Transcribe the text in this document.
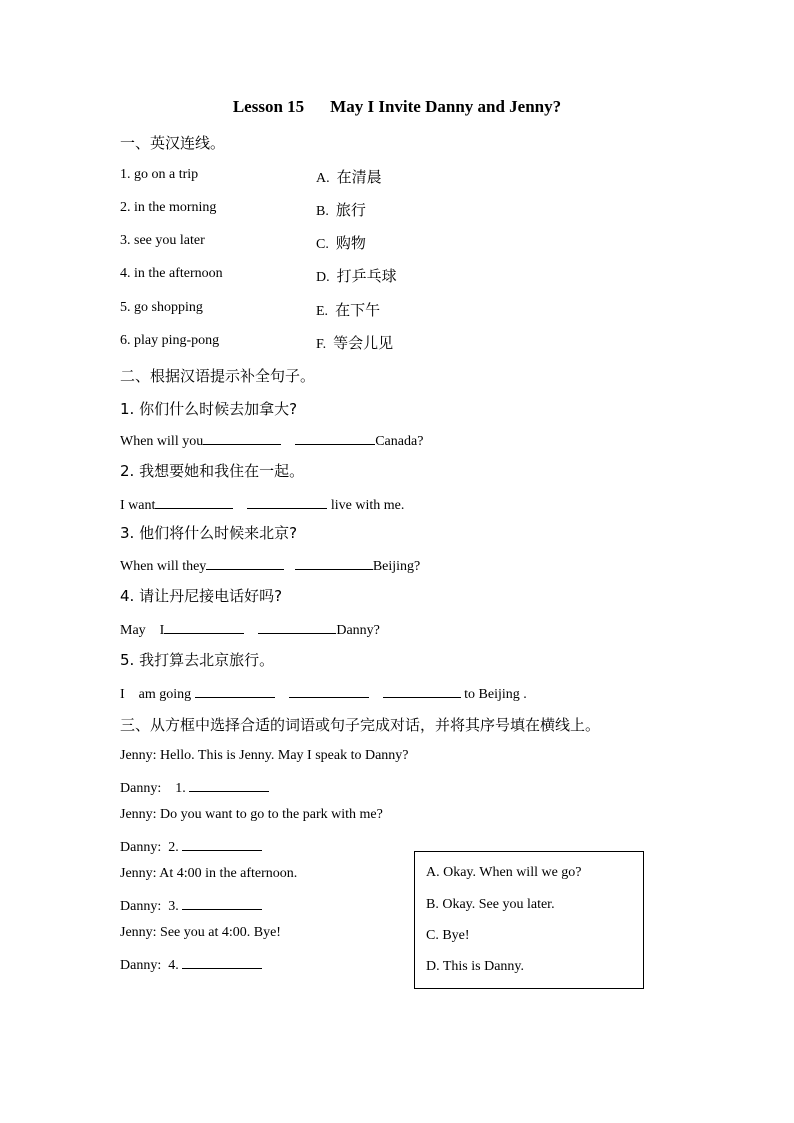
Lesson 15 May I Invite Danny and Jenny?
一、英汉连线。
1. go on a trip
2. in the morning
3. see you later
4. in the afternoon
5. go shopping
6. play ping-pong
A. 在清晨
B. 旅行
C. 购物
D. 打乒乓球
E. 在下午
F. 等会儿见
二、根据汉语提示补全句子。
1. 你们什么时候去加拿大?
When will you	Canada?
2. 我想要她和我住在一起。
I want	live with me.
3. 他们将什么时候来北京?
When will they	Beijing?
4. 请让丹尼接电话好吗?
May    I	Danny?
5. 我打算去北京旅行。
I    am going	to Beijing .
三、从方框中选择合适的词语或句子完成对话，并将其序号填在横线上。
Jenny: Hello. This is Jenny. May I speak to Danny?
Danny:    1.
Jenny: Do you want to go to the park with me?
Danny:  2.
Jenny: At 4:00 in the afternoon.
Danny:  3.
Jenny: See you at 4:00. Bye!
Danny:  4.
A. Okay. When will we go?
B. Okay. See you later.
C. Bye!
D. This is Danny.
